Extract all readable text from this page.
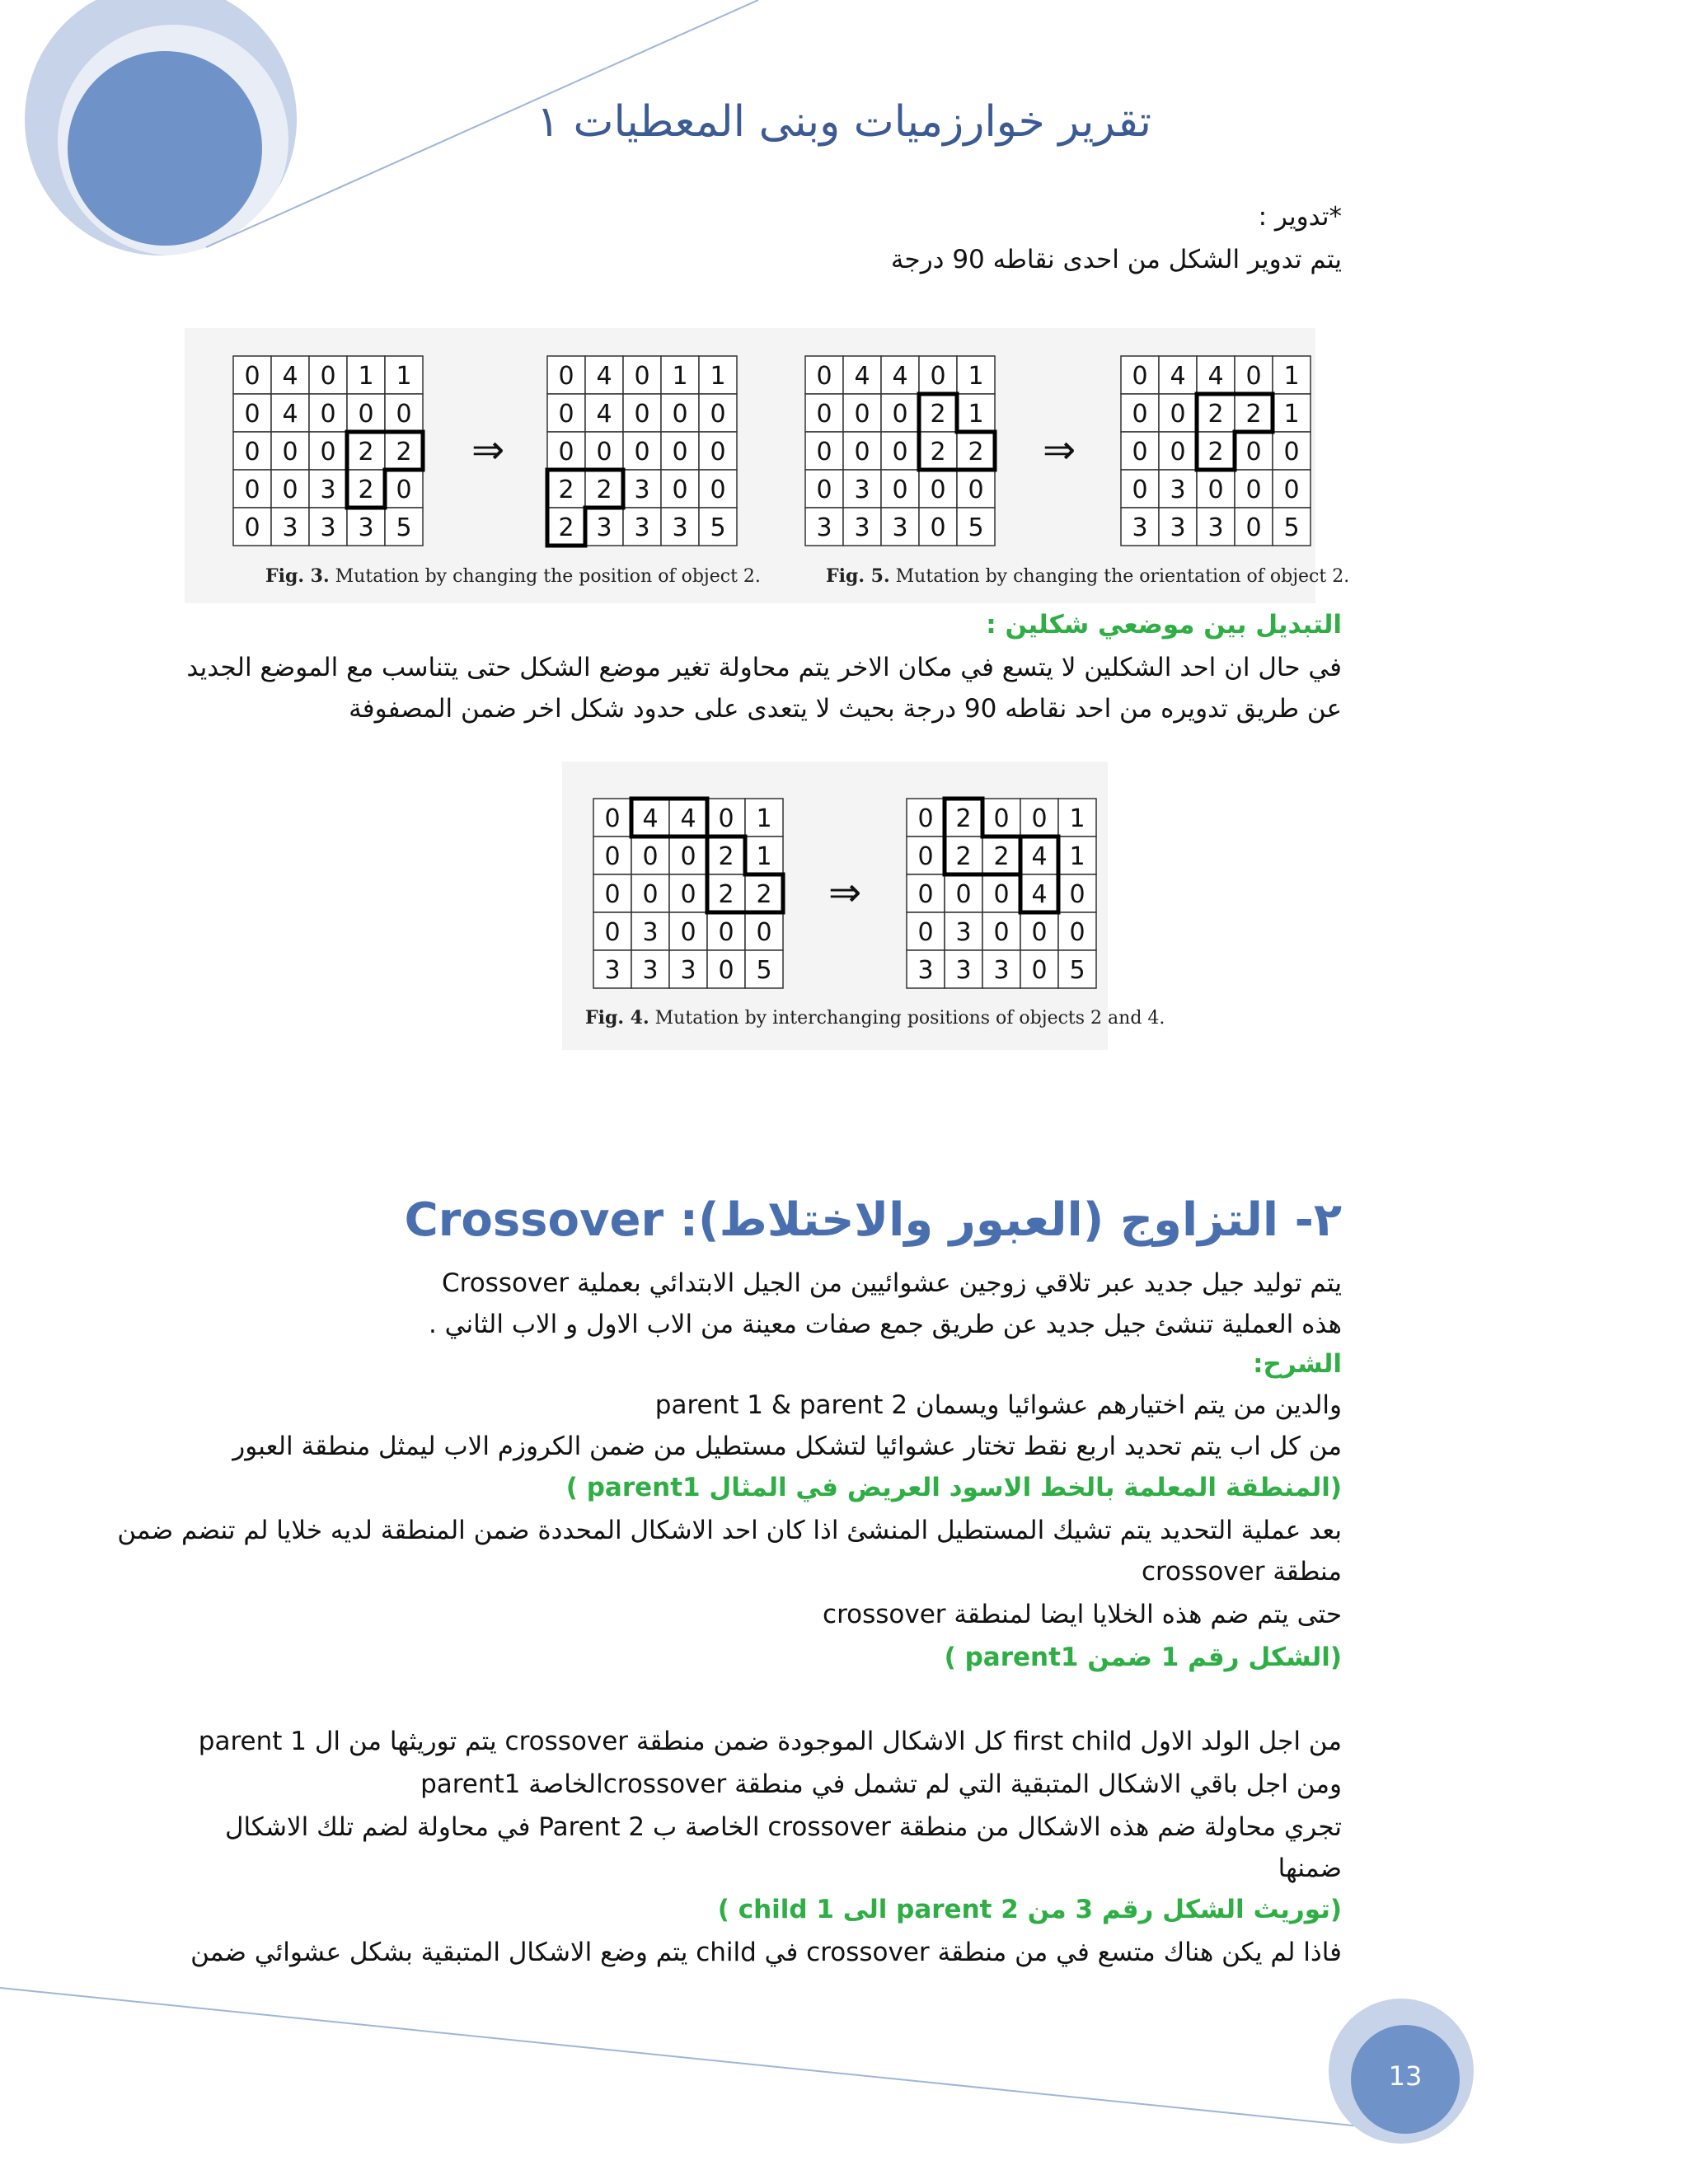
تقرير خوارزميات وبنى المعطيات ١
*تدوير :
يتم تدوير الشكل من احدى نقاطه 90 درجة
0 4 0 1 1
0 4 0 0 0
0 0 0 2 2
0 0 3 2 0
0 3 3 3 5
0 4 0 1 1
0 4 0 0 0
0 0 0 0 0
2 2 3 0 0
2 3 3 3 5
0 4 4 0 1
0 0 0 2 1
0 0 0 2 2
0 3 0 0 0
3 3 3 0 5
0 4 4 0 1
0 0 2 2 1
0 0 2 0 0
0 3 0 0 0
3 3 3 0 5
⇒	⇒
Fig. 3. Mutation by changing the position of object 2.	Fig. 5. Mutation by changing the orientation of object 2.
التبديل بين موضعي شكلين :
في حال ان احد الشكلين لا يتسع في مكان الاخر يتم محاولة تغير موضع الشكل حتى يتناسب مع الموضع الجديد
عن طريق تدويره من احد نقاطه 90 درجة بحيث لا يتعدى على حدود شكل اخر ضمن المصفوفة
0 4 4 0 1
0 0 0 2 1
0 0 0 2 2
0 3 0 0 0
3 3 3 0 5
0 2 0 0 1
0 2 2 4 1
0 0 0 4 0
0 3 0 0 0
3 3 3 0 5
⇒
Fig. 4. Mutation by interchanging positions of objects 2 and 4.
٢- التزاوج (العبور والاختلاط): Crossover
يتم توليد جيل جديد عبر تلاقي زوجين عشوائيين من الجيل الابتدائي بعملية Crossover
هذه العملية تنشئ جيل جديد عن طريق جمع صفات معينة من الاب الاول و الاب الثاني .
الشرح:
والدين من يتم اختيارهم عشوائيا ويسمان parent 1 & parent 2
من كل اب يتم تحديد اربع نقط تختار عشوائيا لتشكل مستطيل من ضمن الكروزم الاب ليمثل منطقة العبور
(المنطقة المعلمة بالخط الاسود العريض في المثال parent1 )
بعد عملية التحديد يتم تشيك المستطيل المنشئ اذا كان احد الاشكال المحددة ضمن المنطقة لديه خلايا لم تنضم ضمن
منطقة crossover
حتى يتم ضم هذه الخلايا ايضا لمنطقة crossover
(الشكل رقم 1 ضمن parent1 )
من اجل الولد الاول first child كل الاشكال الموجودة ضمن منطقة crossover يتم توريثها من ال parent 1
ومن اجل باقي الاشكال المتبقية التي لم تشمل في منطقة crossoverالخاصة parent1
تجري محاولة ضم هذه الاشكال من منطقة crossover الخاصة ب Parent 2 في محاولة لضم تلك الاشكال
ضمنها
(توريث الشكل رقم 3 من parent 2 الى child 1 )
فاذا لم يكن هناك متسع في من منطقة crossover في child يتم وضع الاشكال المتبقية بشكل عشوائي ضمن
13
